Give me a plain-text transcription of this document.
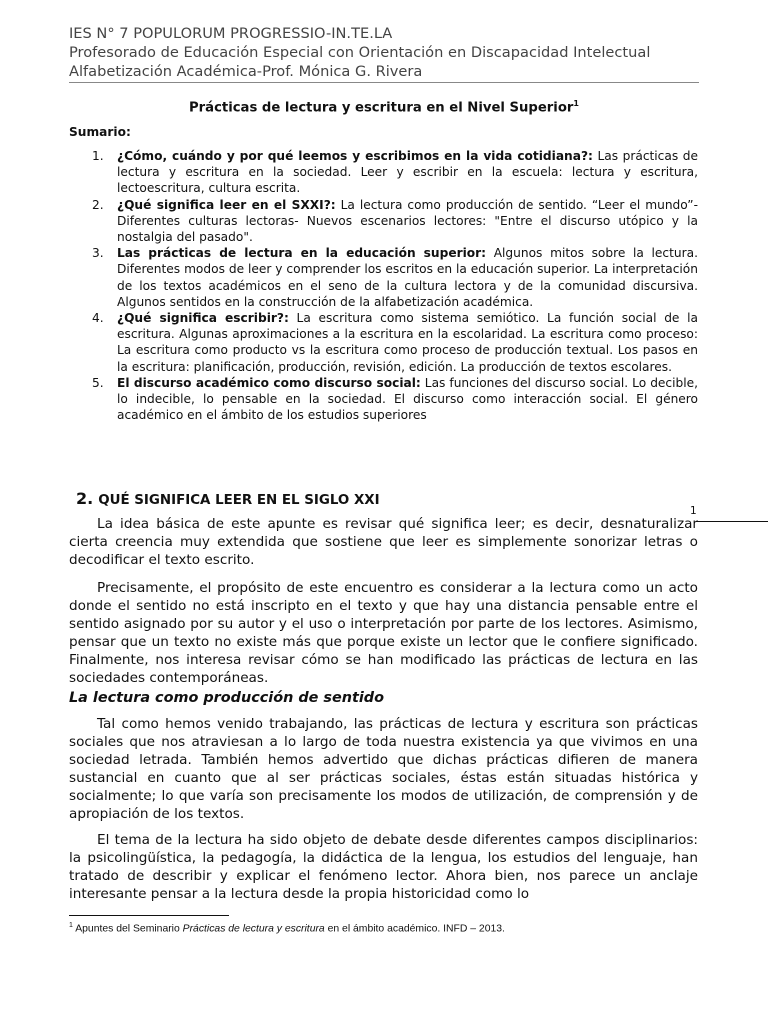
IES N° 7 POPULORUM PROGRESSIO-IN.TE.LA
Profesorado de Educación Especial con Orientación en Discapacidad Intelectual
Alfabetización Académica-Prof. Mónica G. Rivera
Prácticas de lectura y escritura en el Nivel Superior$^1$
Sumario:
1. ¿Cómo, cuándo y por qué leemos y escribimos en la vida cotidiana?: Las prácticas de lectura y escritura en la sociedad. Leer y escribir en la escuela: lectura y escritura, lectoescritura, cultura escrita.
2. ¿Qué significa leer en el SXXI?: La lectura como producción de sentido. “Leer el mundo”-Diferentes culturas lectoras- Nuevos escenarios lectores: "Entre el discurso utópico y la nostalgia del pasado".
3. Las prácticas de lectura en la educación superior: Algunos mitos sobre la lectura. Diferentes modos de leer y comprender los escritos en la educación superior. La interpretación de los textos académicos en el seno de la cultura lectora y de la comunidad discursiva. Algunos sentidos en la construcción de la alfabetización académica.
4. ¿Qué significa escribir?: La escritura como sistema semiótico. La función social de la escritura. Algunas aproximaciones a la escritura en la escolaridad. La escritura como proceso: La escritura como producto vs la escritura como proceso de producción textual. Los pasos en la escritura: planificación, producción, revisión, edición. La producción de textos escolares.
5. El discurso académico como discurso social: Las funciones del discurso social. Lo decible, lo indecible, lo pensable en la sociedad. El discurso como interacción social. El género académico en el ámbito de los estudios superiores
2. QUÉ SIGNIFICA LEER EN EL SIGLO XXI
1

La idea básica de este apunte es revisar qué significa leer; es decir, desnaturalizar cierta creencia muy extendida que sostiene que leer es simplemente sonorizar letras o decodificar el texto escrito.

Precisamente, el propósito de este encuentro es considerar a la lectura como un acto donde el sentido no está inscripto en el texto y que hay una distancia pensable entre el sentido asignado por su autor y el uso o interpretación por parte de los lectores. Asimismo, pensar que un texto no existe más que porque existe un lector que le confiere significado. Finalmente, nos interesa revisar cómo se han modificado las prácticas de lectura en las sociedades contemporáneas.

La lectura como producción de sentido

Tal como hemos venido trabajando, las prácticas de lectura y escritura son prácticas sociales que nos atraviesan a lo largo de toda nuestra existencia ya que vivimos en una sociedad letrada. También hemos advertido que dichas prácticas difieren de manera sustancial en cuanto que al ser prácticas sociales, éstas están situadas histórica y socialmente; lo que varía son precisamente los modos de utilización, de comprensión y de apropiación de los textos.

El tema de la lectura ha sido objeto de debate desde diferentes campos disciplinarios: la psicolingüística, la pedagogía, la didáctica de la lengua, los estudios del lenguaje, han tratado de describir y explicar el fenómeno lector. Ahora bien, nos parece un anclaje interesante pensar a la lectura desde la propia historicidad como lo

$^1$ Apuntes del Seminario Prácticas de lectura y escritura en el ámbito académico. INFD – 2013.
